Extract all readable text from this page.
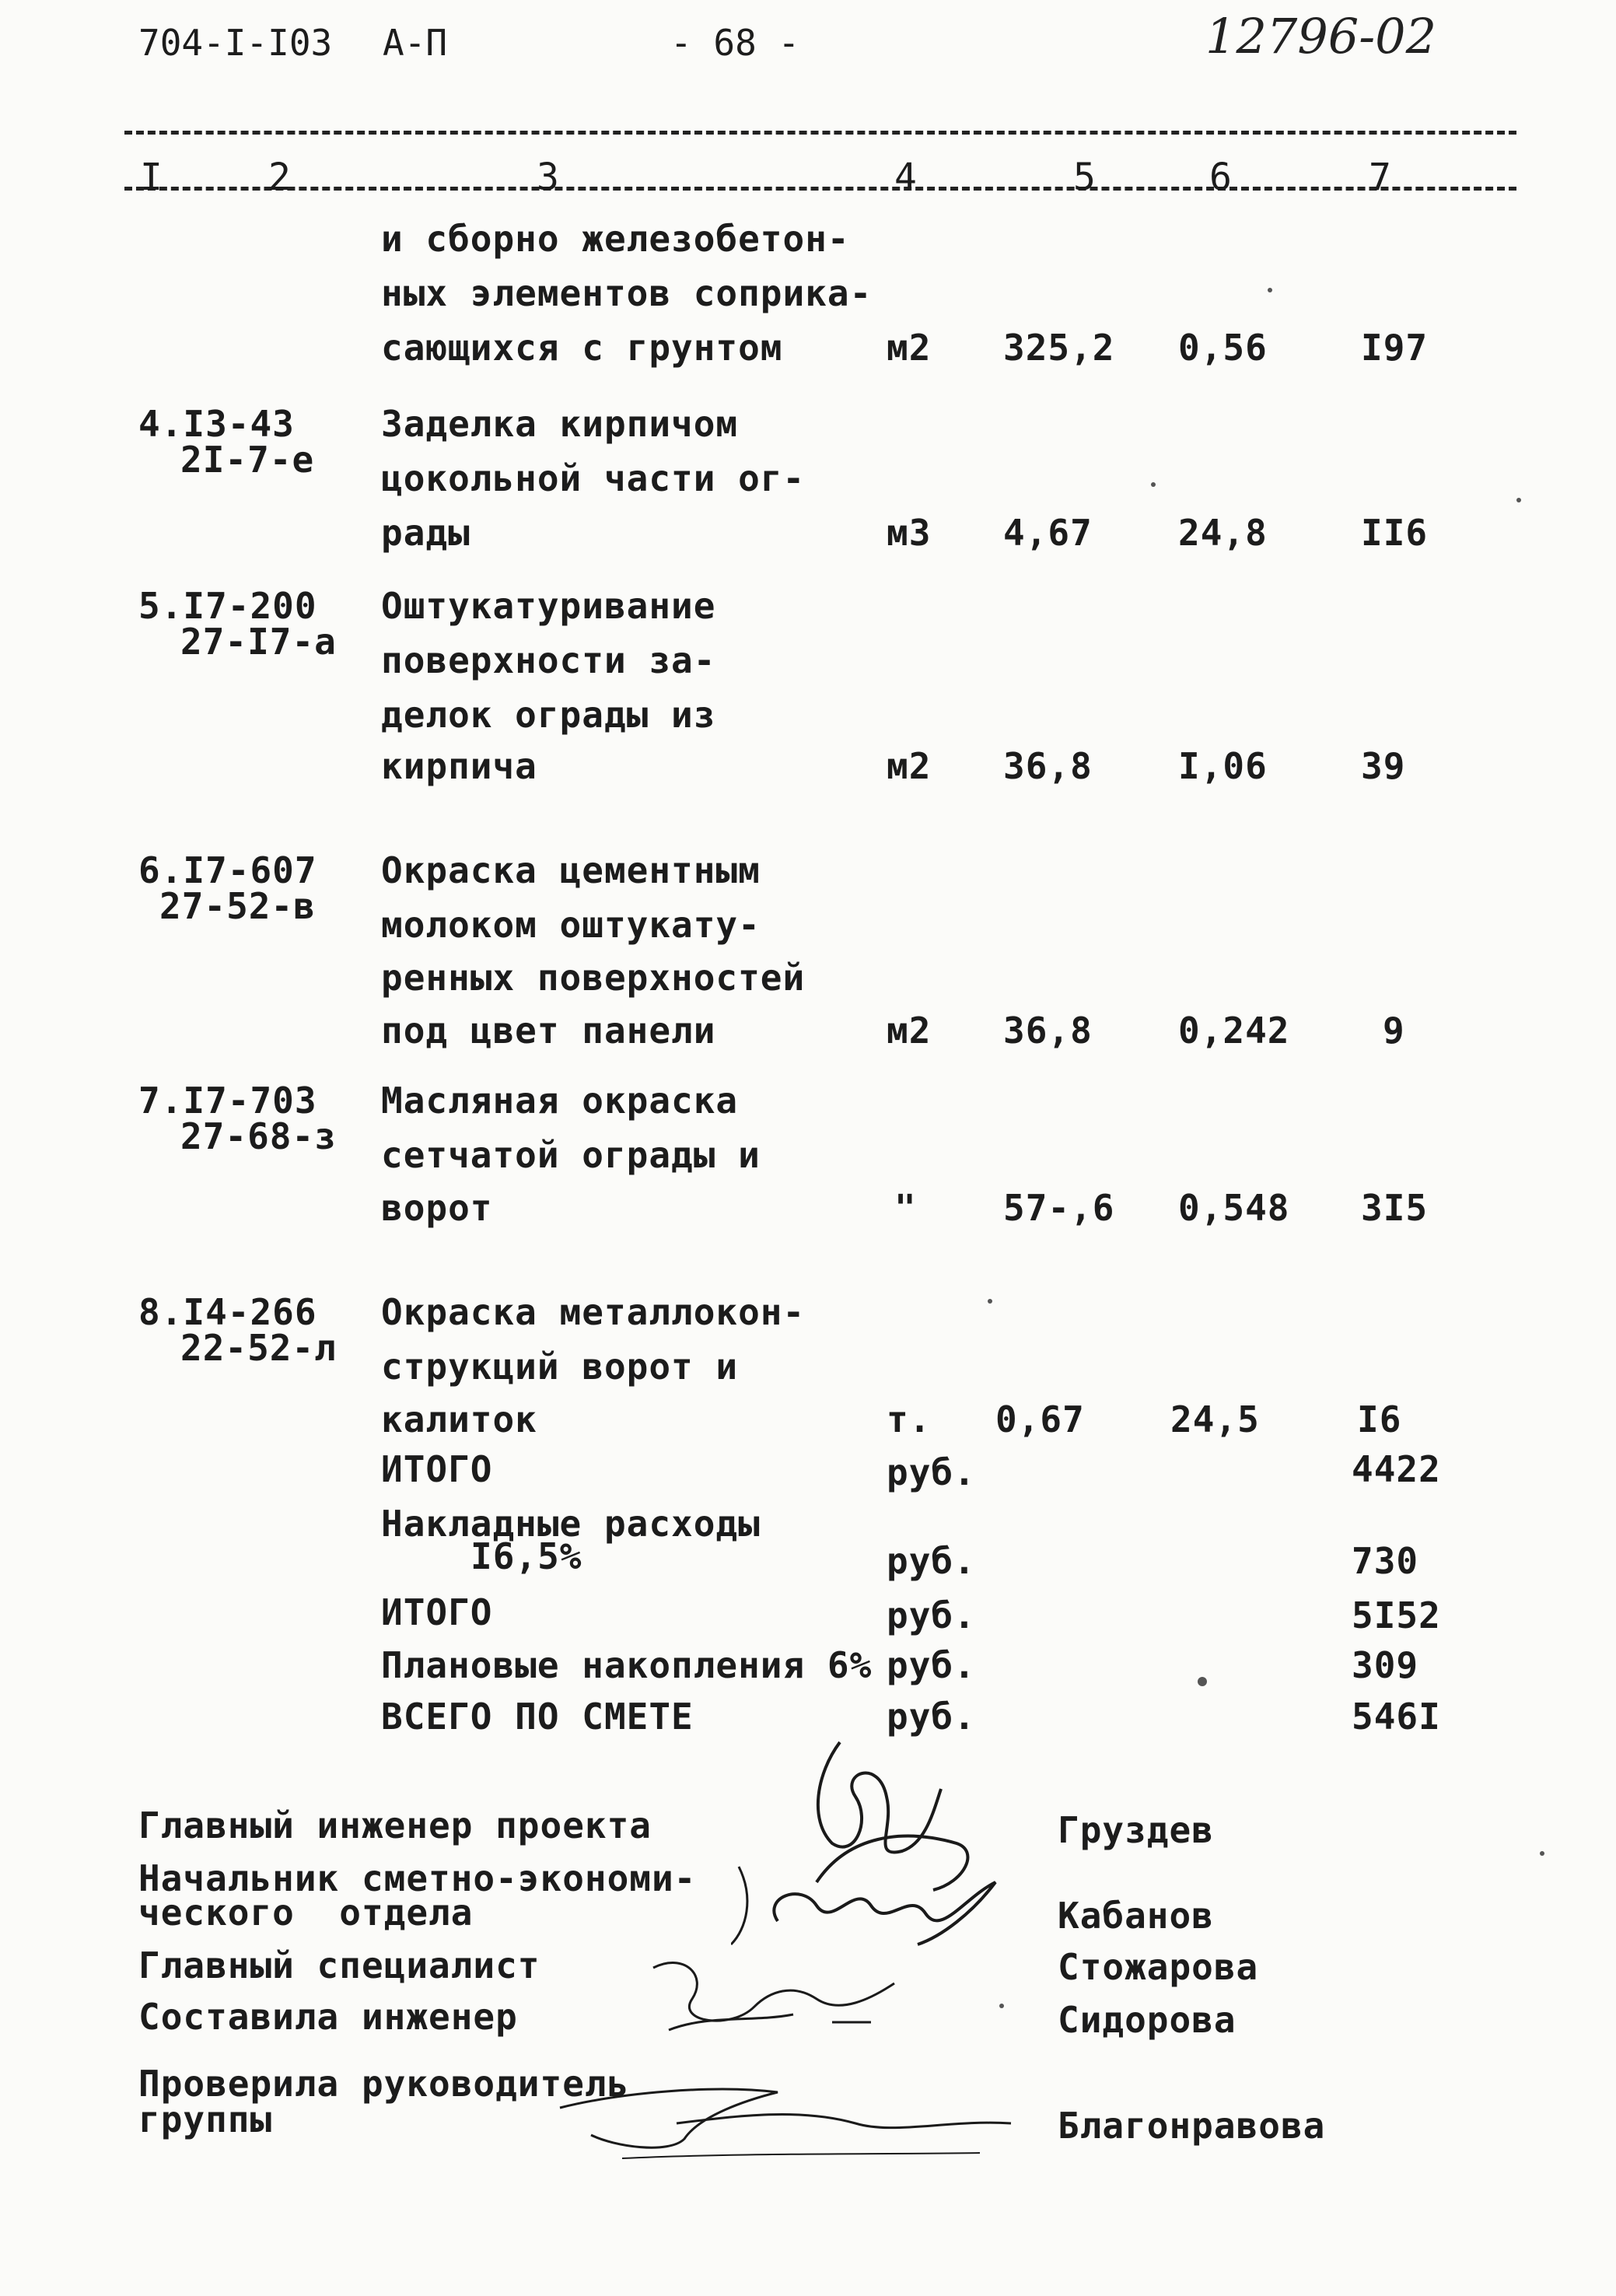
704-I-I03 А-П	- 68 -	12796-02
I	2	3	4	5	6	7
и сборно железобетон-
ных элементов соприка-
сающихся с грунтом	м2 325,2 0,56	I97
4.I3-43
2I-7-е
Заделка кирпичом
цокольной части ог-
рады	м3 4,67 24,8	II6
5.I7-200
27-I7-а
Оштукатуривание
поверхности за-
делок ограды из
кирпича	м2 36,8 I,06	39
6.I7-607
27-52-в
Окраска цементным
молоком оштукату-
ренных поверхностей
под цвет панели	м2 36,8 0,242	9
7.I7-703
27-68-з
Масляная окраска
сетчатой ограды и
ворот	" 57-,6 0,548 3I5
8.I4-266
22-52-л
Окраска металлокон-
струкций ворот и
калиток	т. 0,67 24,5	I6
ИТОГО	руб.	4422
Накладные расходы
I6,5%	руб.	730
ИТОГО	руб.	5I52
Плановые накопления 6% руб.	309
ВСЕГО ПО СМЕТЕ	руб.	546I
Главный инженер проекта	Груздев
Начальник сметно-экономи-
ческого  отдела	Кабанов
Главный специалист	Стожарова
Составила инженер	Сидорова
Проверила руководитель
группы	Благонравова
